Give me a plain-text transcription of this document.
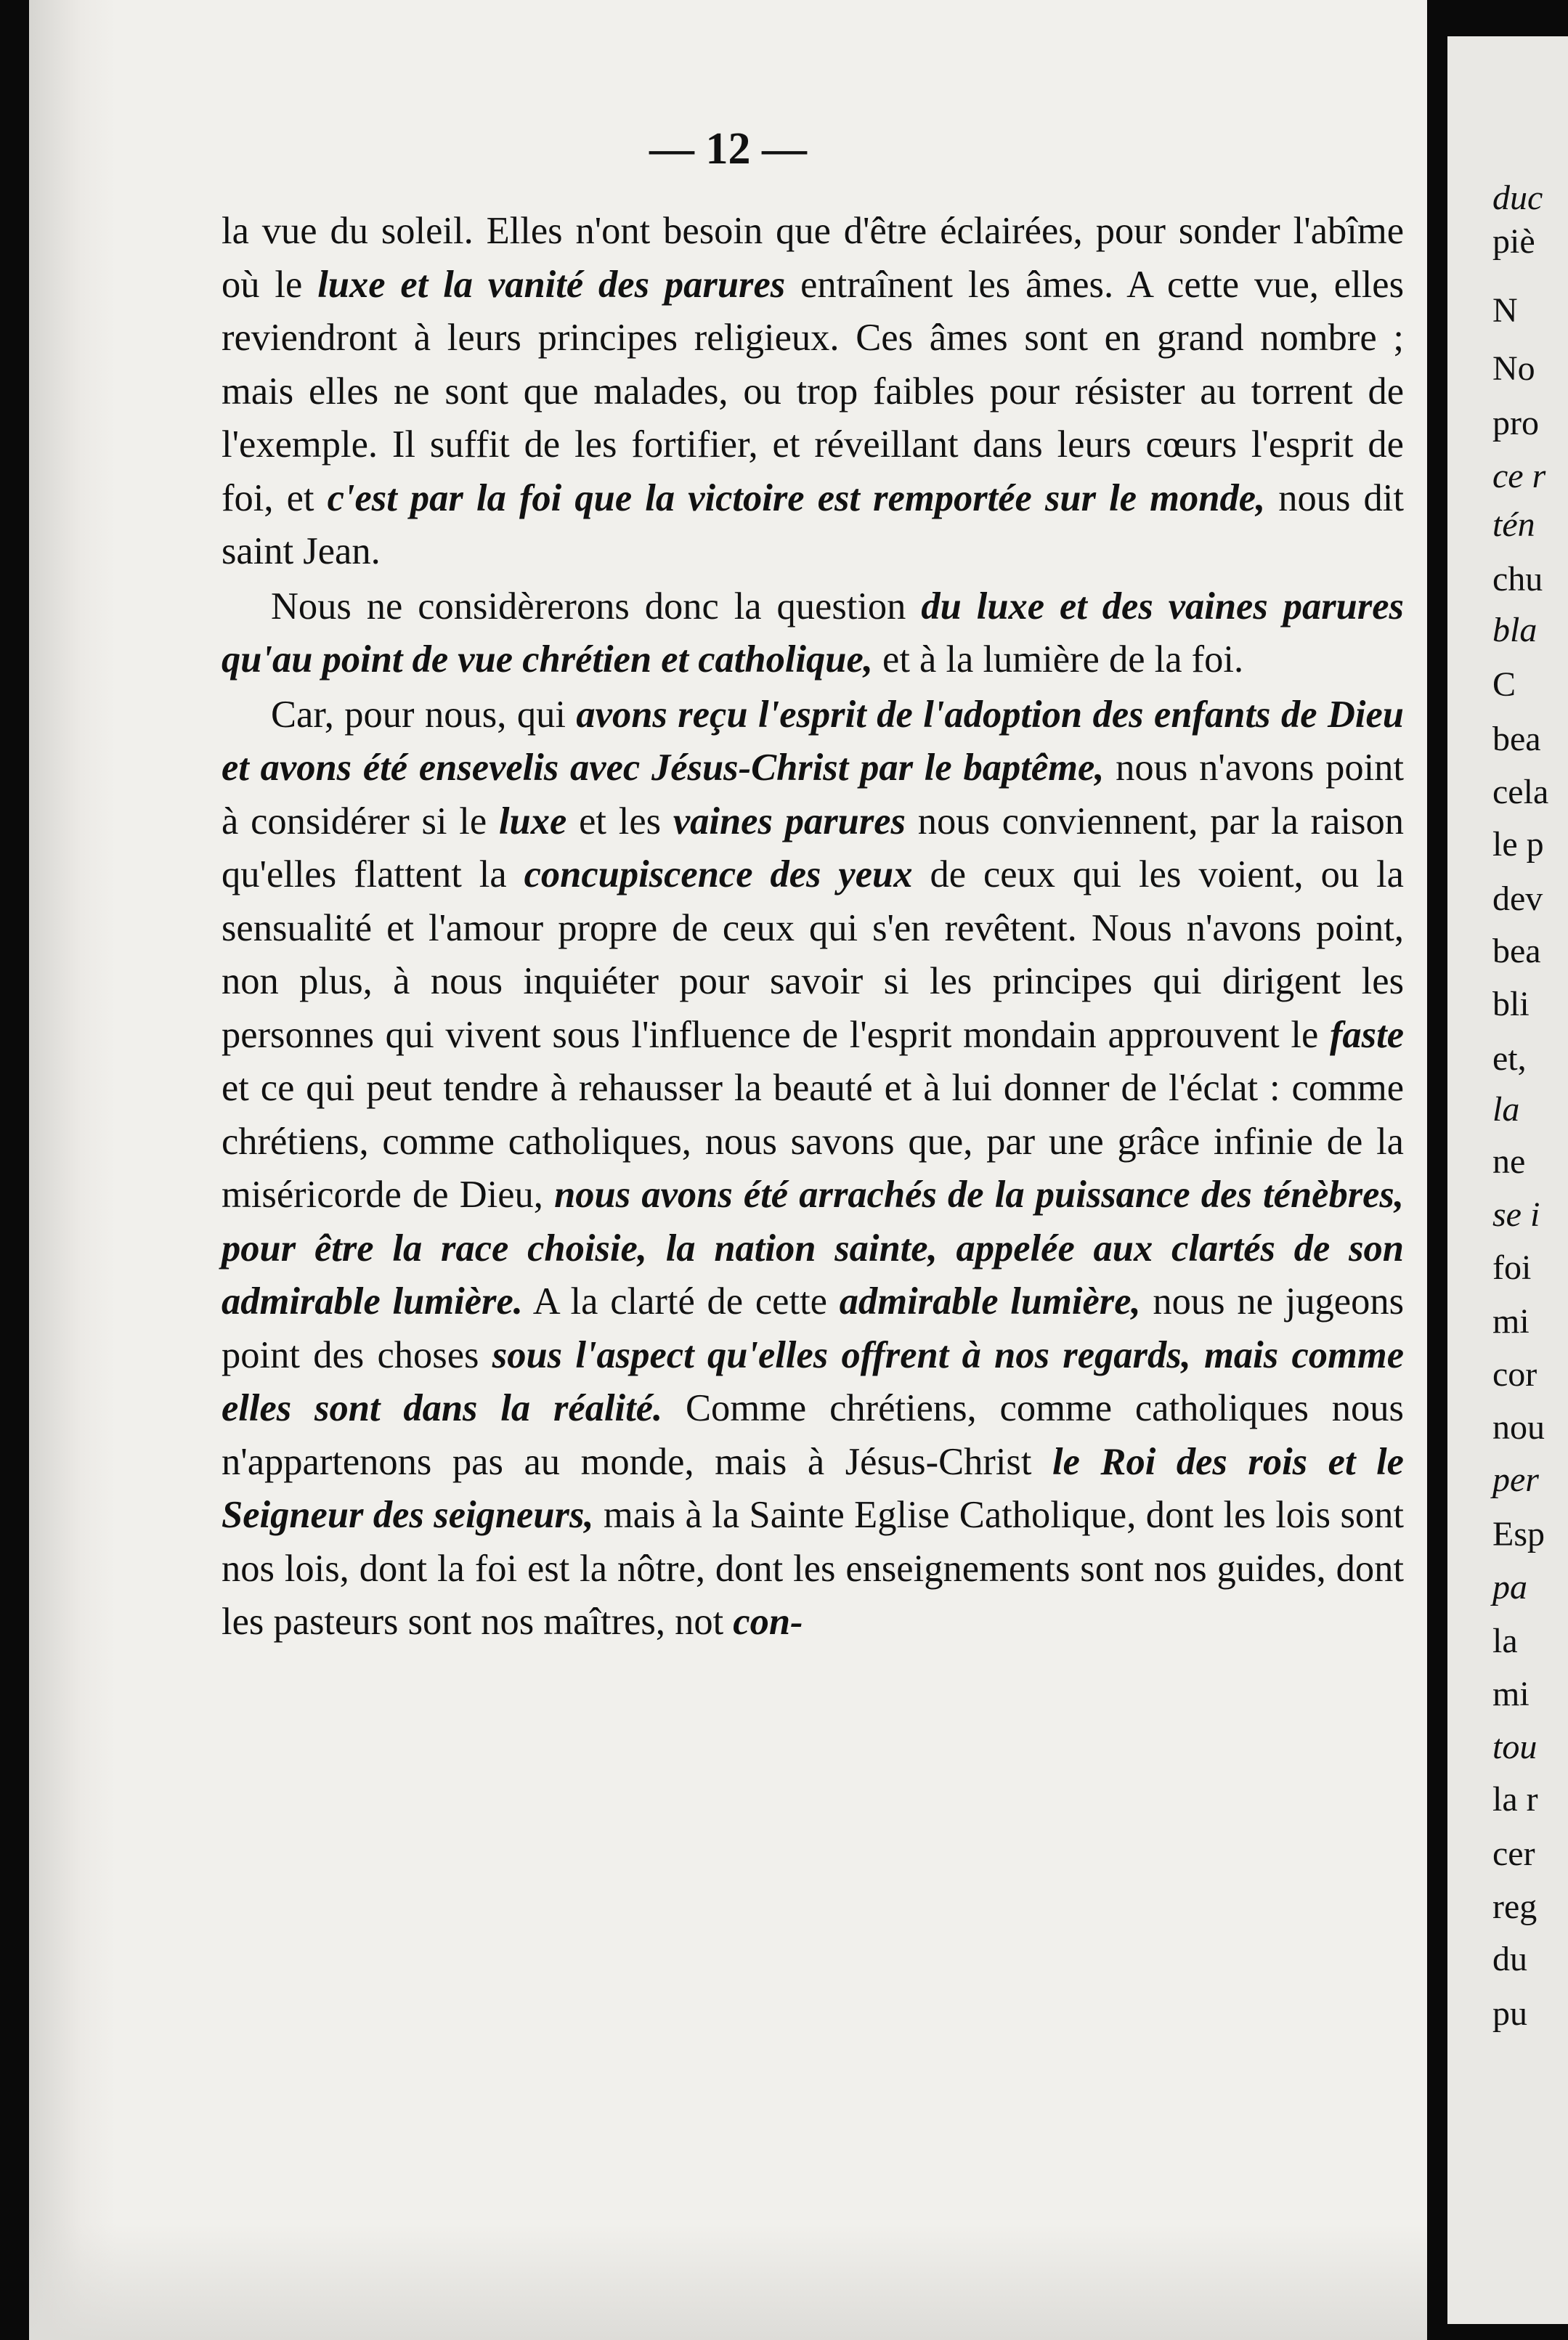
— 12 —

la vue du soleil. Elles n'ont besoin que d'être éclairées, pour sonder l'abîme où le luxe et la vanité des parures entraînent les âmes. A cette vue, elles reviendront à leurs principes religieux. Ces âmes sont en grand nombre ; mais elles ne sont que malades, ou trop faibles pour résister au torrent de l'exemple. Il suffit de les fortifier, et réveillant dans leurs cœurs l'esprit de foi, et c'est par la foi que la victoire est remportée sur le monde, nous dit saint Jean.

Nous ne considèrerons donc la question du luxe et des vaines parures qu'au point de vue chrétien et catholique, et à la lumière de la foi.

Car, pour nous, qui avons reçu l'esprit de l'adoption des enfants de Dieu et avons été ensevelis avec Jésus-Christ par le baptême, nous n'avons point à considérer si le luxe et les vaines parures nous conviennent, par la raison qu'elles flattent la concupiscence des yeux de ceux qui les voient, ou la sensualité et l'amour propre de ceux qui s'en revêtent. Nous n'avons point, non plus, à nous inquiéter pour savoir si les principes qui dirigent les personnes qui vivent sous l'influence de l'esprit mondain approuvent le faste et ce qui peut tendre à rehausser la beauté et à lui donner de l'éclat : comme chrétiens, comme catholiques, nous savons que, par une grâce infinie de la miséricorde de Dieu, nous avons été arrachés de la puissance des ténèbres, pour être la race choisie, la nation sainte, appelée aux clartés de son admirable lumière. A la clarté de cette admirable lumière, nous ne jugeons point des choses sous l'aspect qu'elles offrent à nos regards, mais comme elles sont dans la réalité. Comme chrétiens, comme catholiques nous n'appartenons pas au monde, mais à Jésus-Christ le Roi des rois et le Seigneur des seigneurs, mais à la Sainte Eglise Catholique, dont les lois sont nos lois, dont la foi est la nôtre, dont les enseignements sont nos guides, dont les pasteurs sont nos maîtres, not con-

duc
piè
N
No
pro
ce r
tén
chu
bla
C
bea
cela
le p
dev
bea
bli
et,
la
ne
se i
foi
mi
cor
nou
per
Esp
pa
la
mi
tou
la r
cer
reg
du
pu
